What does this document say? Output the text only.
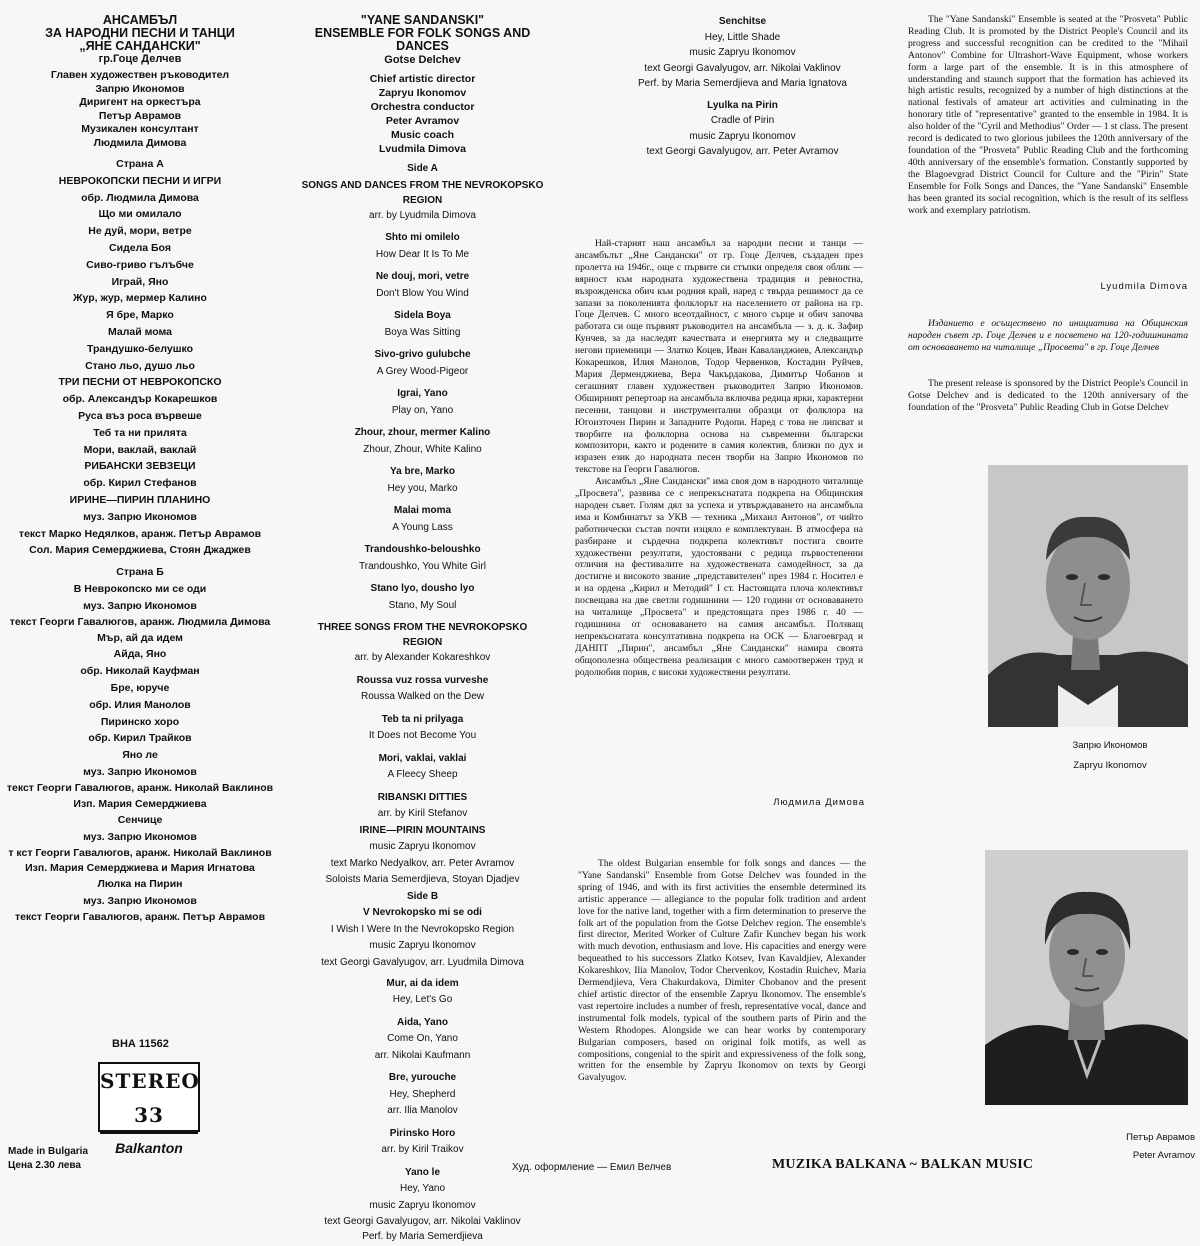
АНСАМБЪЛ
ЗА НАРОДНИ ПЕСНИ И ТАНЦИ
„ЯНЕ САНДАНСКИ"
гр.Гоце Делчев
Главен художествен ръководител
Запрю Икономов
Диригент на оркестъра
Петър Аврамов
Музикален консултант
Людмила Димова
Страна А
НЕВРОКОПСКИ ПЕСНИ И ИГРИ
обр. Людмила Димова
Що ми омилало
Не дуй, мори, ветре
Сидела Боя
Сиво-гриво гълъбче
Играй, Яно
Жур, жур, мермер Калино
Я бре, Марко
Малай мома
Трандушко-белушко
Стано льо, душо льо
ТРИ ПЕСНИ ОТ НЕВРОКОПСКО
обр. Александър Кокарешков
Руса въз роса вървеше
Теб та ни прилята
Мори, ваклай, ваклай
РИБАНСКИ ЗЕВЗЕЦИ
обр. Кирил Стефанов
ИРИНЕ—ПИРИН ПЛАНИНО
муз. Запрю Икономов
текст Марко Недялков, аранж. Петър Аврамов
Сол. Мария Семерджиева, Стоян Джаджев
Страна Б
В Неврокопско ми се оди
муз. Запрю Икономов
текст Георги Гавалюгов, аранж. Людмила Димова
Мър, ай да идем
Айда, Яно
обр. Николай Кауфман
Бре, юруче
обр. Илия Манолов
Пиринско хоро
обр. Кирил Трайков
Яно ле
муз. Запрю Икономов
текст Георги Гавалюгов, аранж. Николай Ваклинов
Изп. Мария Семерджиева
Сенчице
муз. Запрю Икономов
т кст Георги Гавалюгов, аранж. Николай Ваклинов
Изп. Мария Семерджиева и Мария Игнатова
Люлка на Пирин
муз. Запрю Икономов
текст Георги Гавалюгов, аранж. Петър Аврамов
ВНА 11562
STEREO 33
Balkanton
Made in Bulgaria
Цена 2.30 лева
"YANE SANDANSKI"
ENSEMBLE FOR FOLK SONGS AND DANCES
Gotse Delchev
Chief artistic director
Zapryu Ikonomov
Orchestra conductor
Peter Avramov
Music coach
Lvudmila Dimova
Side A
SONGS AND DANCES FROM THE NEVROKOPSKO REGION
arr. by Lyudmila Dimova
Shto mi omilelo
How Dear It Is To Me
Ne douj, mori, vetre
Don't Blow You Wind
Sidela Boya
Boya Was Sitting
Sivo-grivo gulubche
A Grey Wood-Pigeor
Igrai, Yano
Play on, Yano
Zhour, zhour, mermer Kalino
Zhour, Zhour, White Kalino
Ya bre, Marko
Hey you, Marko
Malai moma
A Young Lass
Trandoushko-beloushko
Trandoushko, You White Girl
Stano lyo, dousho lyo
Stano, My Soul
THREE SONGS FROM THE NEVROKOPSKO REGION
arr. by Alexander Kokareshkov
Roussa vuz rossa vurveshe
Roussa Walked on the Dew
Teb ta ni prilyaga
It Does not Become You
Mori, vaklai, vaklai
A Fleecy Sheep
RIBANSKI DITTIES
arr. by Kiril Stefanov
IRINE—PIRIN MOUNTAINS
music Zapryu Ikonomov
text Marko Nedyalkov, arr. Peter Avramov
Soloists Maria Semerdjieva, Stoyan Djadjev
Side B
V Nevrokopsko mi se odi
I Wish I Were In the Nevrokopsko Region
music Zapryu Ikonomov
text Georgi Gavalyugov, arr. Lyudmila Dimova
Mur, ai da idem
Hey, Let's Go
Aida, Yano
Come On, Yano
arr. Nikolai Kaufmann
Bre, yurouche
Hey, Shepherd
arr. Ilia Manolov
Pirinsko Horo
arr. by Kiril Traikov
Yano le
Hey, Yano
music Zapryu Ikonomov
text Georgi Gavalyugov, arr. Nikolai Vaklinov
Perf. by Maria Semerdjieva
Худ. оформление — Емил Велчев
Senchitse
Hey, Little Shade
music Zapryu Ikonomov
text Georgi Gavalyugov, arr. Nikolai Vaklinov
Perf. by Maria Semerdjieva and Maria Ignatova
Lyulka na Pirin
Cradle of Pirin
music Zapryu Ikonomov
text Georgi Gavalyugov, arr. Peter Avramov

Най-старият наш ансамбъл за народни песни и танци — ансамбълът „Яне Сандански" от гр. Гоце Делчев, създаден през пролетта на 1946г., още с първите си стъпки определя своя облик — вярност към народната художествена традиция и ревностна, възрожденска обич към родния край, наред с твърда решимост да се запази за поколенията фолклорът на населението от района на гр. Гоце Делчев. С много всеотдайност, с много сърце и обич започва работата си още първият ръководител на ансамбъла — з. д. к. Зафир Кунчев, за да наследят качествата и енергията му и следващите негови приемници — Златко Коцев, Иван Каваланджиев, Александър Кокарешков, Илия Манолов, Тодор Червенков, Костадин Руйчев, Мария Дерменджиева, Вера Чакърдакова, Димитър Чобанов и сегашният главен художествен ръководител Запрю Икономов. Обширният репертоар на ансамбъла включва редица ярки, характерни песенни, танцови и инструментални образци от фолклора на Югоизточен Пирин и Западните Родопи. Наред с това не липсват и творбите на фолклорна основа на съвременни български композитори, както и родените в самия колектив, близки по дух и изразен език до народната песен творби на Запрю Икономов по текстове на Георги Гавалюгов.

Ансамбъл „Яне Сандански" има своя дом в народното читалище „Просвета", развива се с непрекъснатата подкрепа на Общинския народен съвет. Голям дял за успеха и утвърждаването на ансамбъла има и Комбинатът за УКВ — техника „Михаил Антонов", от чийто работнически състав почти изцяло е комплектуван. В атмосфера на разбиране и сърдечна подкрепа колективът постига своите художествени резултати, удостоявани с редица първостепенни отличия на фестивалите на художествената самодейност, за да достигне и високото звание „представителен" през 1984 г. Носител е и на ордена „Кирил и Методий" I ст. Настоящата плоча колективът посвещава на две светли годишнини — 120 години от основаването на читалище „Просвета" и предстоящата през 1986 г. 40 — годишнина от основаването на самия ансамбъл. Ползващ непрекъснатата консултативна подкрепа на ОСК — Благоевград и ДАНПТ „Пирин", ансамбъл „Яне Сандански" намира своята общополезна обществена реализация с много самоотвержен труд и родолюбив порив, с високи художествени резултати.

Людмила Димова

The oldest Bulgarian ensemble for folk songs and dances — the "Yane Sandanski" Ensemble from Gotse Delchev was founded in the spring of 1946, and with its first activities the ensemble determined its artistic apperance — allegiance to the popular folk tradition and ardent love for the native land, together with a firm determination to preserve the folk art of the population from the Gotse Delchev region. The ensemble's first director, Merited Worker of Culture Zafir Kunchev began his work with much devotion, enthusiasm and love. His capacities and energy were bequeathed to his successors Zlatko Kotsev, Ivan Kavaldjiev, Alexander Kokareshkov, Ilia Manolov, Todor Chervenkov, Kostadin Ruichev, Maria Dermendjieva, Vera Chakurdakova, Dimiter Chobanov and the present chief artistic director of the ensemble Zapryu Ikonomov. The ensemble's vast repertoire includes a number of fresh, representative vocal, dance and instrumental folk models, typical of the southern parts of Pirin and the Western Rhodopes. Alongside we can hear works by contemporary Bulgarian composers, based on original folk motifs, as well as compositions, congenial to the spirit and expressiveness of the folk song, written for the ensemble by Zapryu Ikonomov on texts by Georgi Gavalyugov.

The "Yane Sandanski" Ensemble is seated at the "Prosveta" Public Reading Club. It is promoted by the District People's Council and its progress and successful recognition can be credited to the "Mihail Antonov" Combine for Ultrashort-Wave Equipment, whose workers form a large part of the ensemble. It is in this atmosphere of understanding and staunch support that the formation has achieved its high artistic results, recognized by a number of high distinctions at the national festivals of amateur art activities and culminating in the honorary title of "representative" granted to the ensemble in 1984. It is also holder of the "Cyril and Methodius" Order — 1 st class. The present record is dedicated to two glorious jubilees the 120th anniversary of the foundation of the "Prosveta" Public Reading Club and the forthcoming 40th anniversary of the ensemble's formation. Constantly supported by the Blagoevgrad District Council for Culture and the "Pirin" State Ensemble for Folk Songs and Dances, the "Yane Sandanski" Ensemble has been granted its social recognition, which is the result of its selfless work and exemplary patriotism.

Lyudmila Dimova

Изданието е осъществено по инициатива на Общинския народен съвет гр. Гоце Делчев и е посветено на 120-годишнината от основаването на читалище „Просвета" в гр. Гоце Делчев

The present release is sponsored by the District People's Council in Gotse Delchev and is dedicated to the 120th anniversary of the foundation of the "Prosveta" Public Reading Club in Gotse Delchev

Запрю Икономов
Zapryu Ikonomov
Петър Аврамов
Peter Avramov
MUZIKA BALKANA ~ BALKAN MUSIC
